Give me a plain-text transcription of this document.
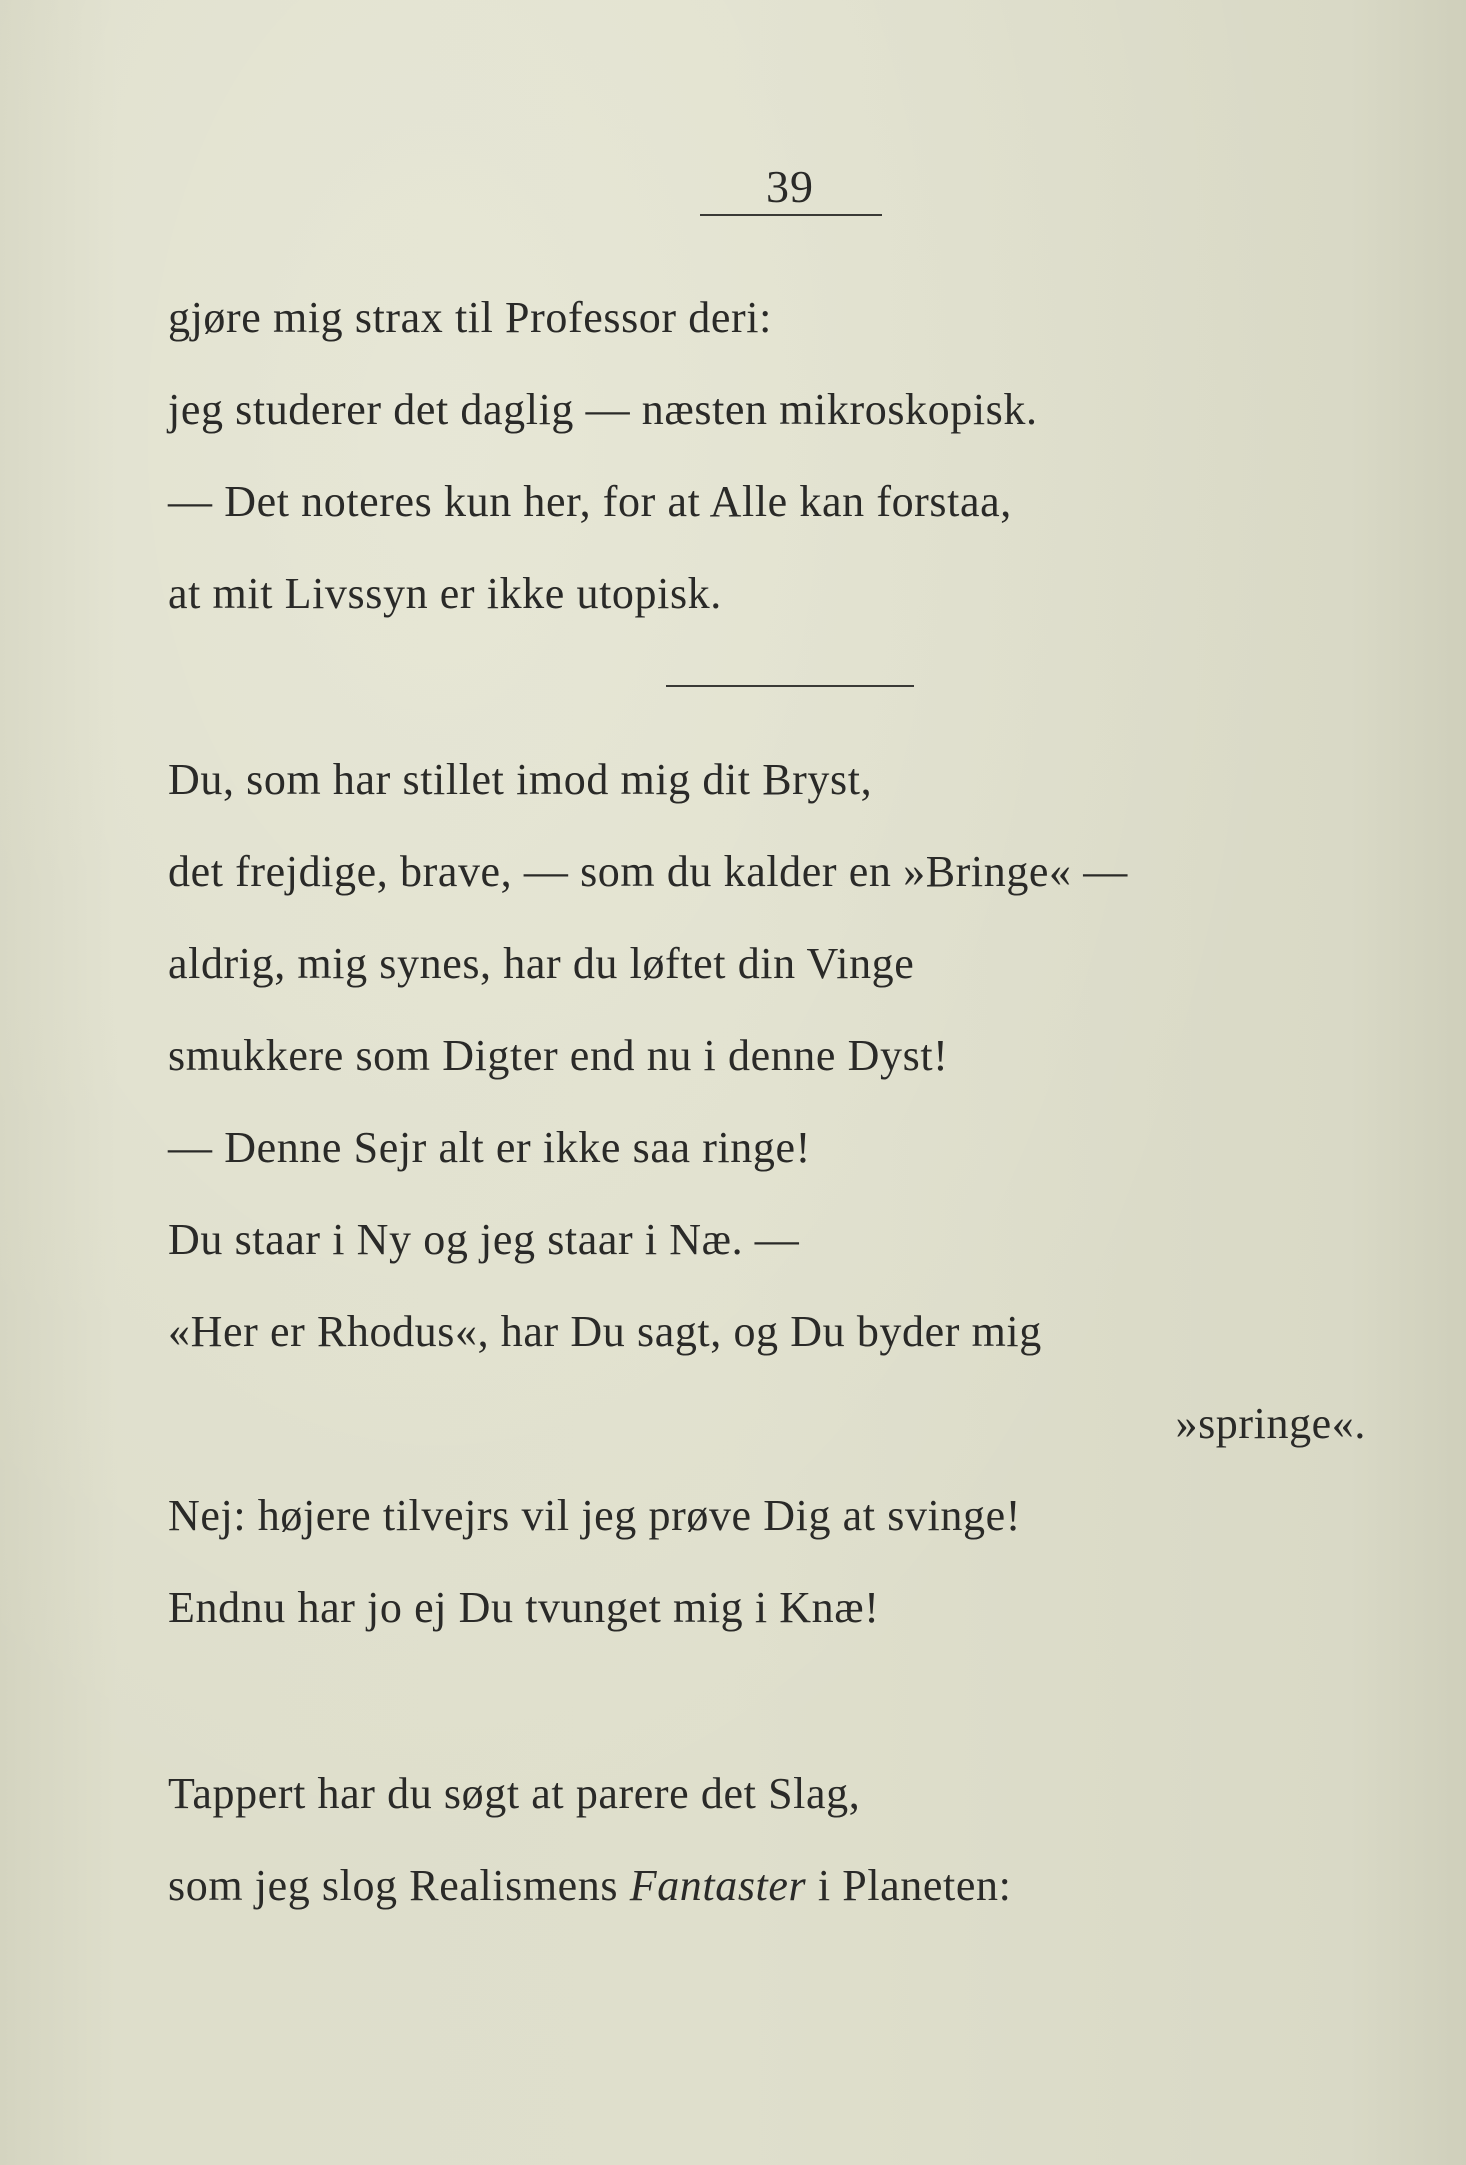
39
gjøre mig strax til Professor deri:
jeg studerer det daglig — næsten mikroskopisk.
— Det noteres kun her, for at Alle kan forstaa,
at mit Livssyn er ikke utopisk.
Du, som har stillet imod mig dit Bryst,
det frejdige, brave, — som du kalder en »Bringe« —
aldrig, mig synes, har du løftet din Vinge
smukkere som Digter end nu i denne Dyst!
— Denne Sejr alt er ikke saa ringe!
Du staar i Ny og jeg staar i Næ. —
«Her er Rhodus«, har Du sagt, og Du byder mig
»springe«.
Nej: højere tilvejrs vil jeg prøve Dig at svinge!
Endnu har jo ej Du tvunget mig i Knæ!
Tappert har du søgt at parere det Slag,
som jeg slog Realismens Fantaster i Planeten:
